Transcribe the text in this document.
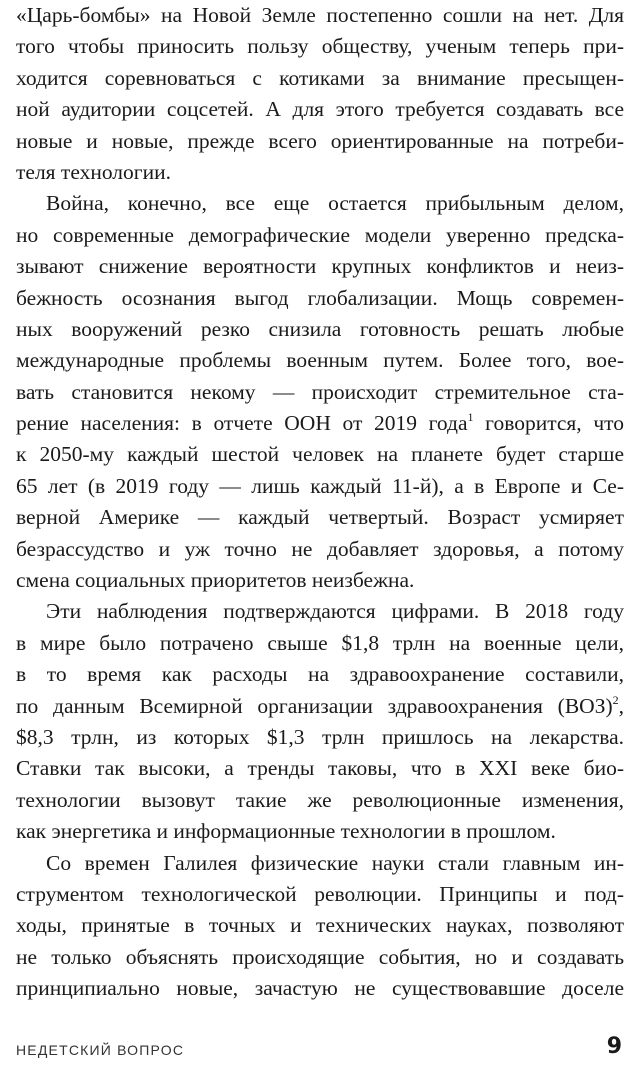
«Царь-бомбы» на Новой Земле постепенно сошли на нет. Для
того чтобы приносить пользу обществу, ученым теперь при-
ходится соревноваться с котиками за внимание пресыщен-
ной аудитории соцсетей. А для этого требуется создавать все
новые и новые, прежде всего ориентированные на потреби-
теля технологии.
Война, конечно, все еще остается прибыльным делом,
но современные демографические модели уверенно предска-
зывают снижение вероятности крупных конфликтов и неиз-
бежность осознания выгод глобализации. Мощь современ-
ных вооружений резко снизила готовность решать любые
международные проблемы военным путем. Более того, вое-
вать становится некому — происходит стремительное ста-
рение населения: в отчете ООН от 2019 года$^1$ говорится, что
к 2050-му каждый шестой человек на планете будет старше
65 лет (в 2019 году — лишь каждый 11-й), а в Европе и Се-
верной Америке — каждый четвертый. Возраст усмиряет
безрассудство и уж точно не добавляет здоровья, а потому
смена социальных приоритетов неизбежна.
Эти наблюдения подтверждаются цифрами. В 2018 году
в мире было потрачено свыше $1,8 трлн на военные цели,
в то время как расходы на здравоохранение составили,
по данным Всемирной организации здравоохранения (ВОЗ)$^2$,
$8,3 трлн, из которых $1,3 трлн пришлось на лекарства.
Ставки так высоки, а тренды таковы, что в XXI веке био-
технологии вызовут такие же революционные изменения,
как энергетика и информационные технологии в прошлом.
Со времен Галилея физические науки стали главным ин-
струментом технологической революции. Принципы и под-
ходы, принятые в точных и технических науках, позволяют
не только объяснять происходящие события, но и создавать
принципиально новые, зачастую не существовавшие доселе
НЕДЕТСКИЙ ВОПРОС	9
